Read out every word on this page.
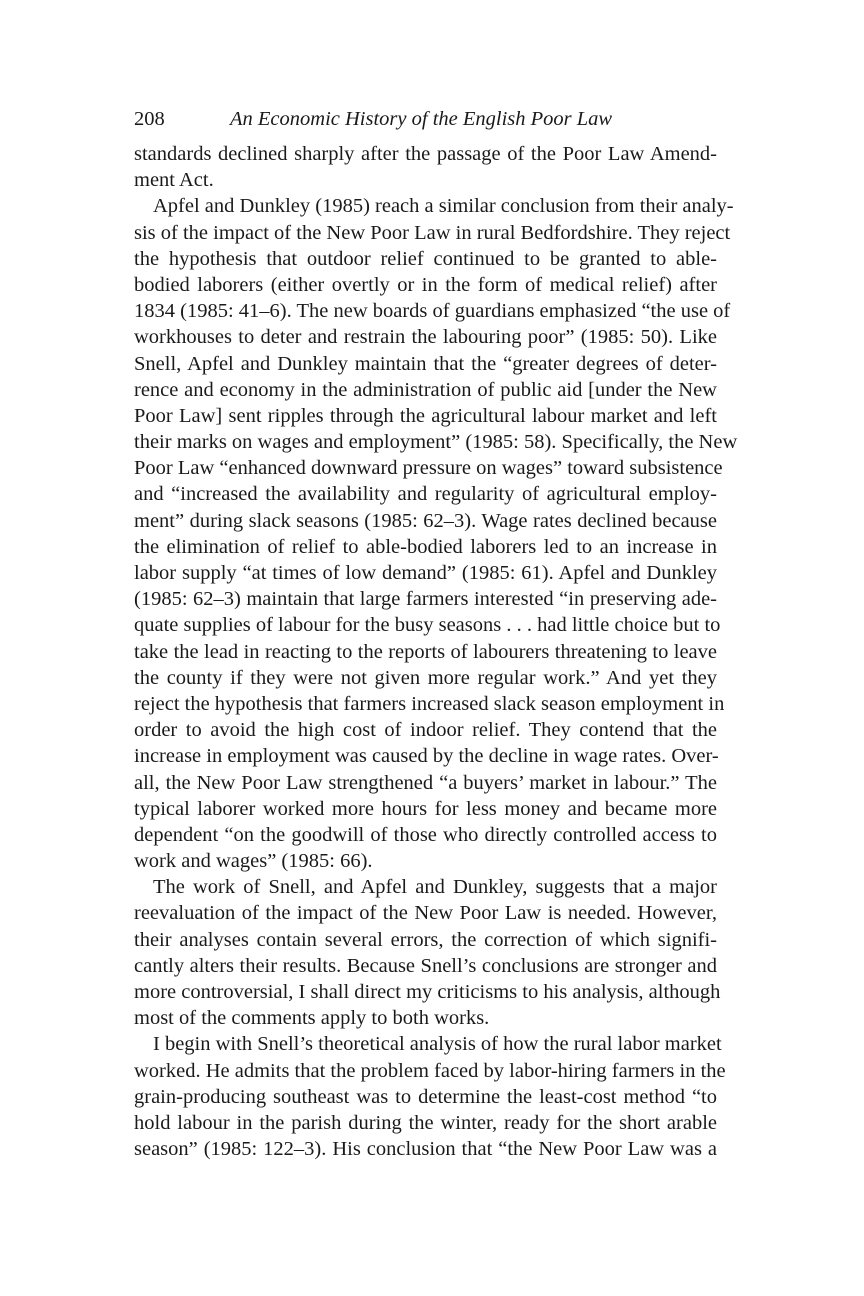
208	An Economic History of the English Poor Law
standards declined sharply after the passage of the Poor Law Amend-
ment Act.
Apfel and Dunkley (1985) reach a similar conclusion from their analy-
sis of the impact of the New Poor Law in rural Bedfordshire. They reject
the hypothesis that outdoor relief continued to be granted to able-
bodied laborers (either overtly or in the form of medical relief) after
1834 (1985: 41–6). The new boards of guardians emphasized “the use of
workhouses to deter and restrain the labouring poor” (1985: 50). Like
Snell, Apfel and Dunkley maintain that the “greater degrees of deter-
rence and economy in the administration of public aid [under the New
Poor Law] sent ripples through the agricultural labour market and left
their marks on wages and employment” (1985: 58). Specifically, the New
Poor Law “enhanced downward pressure on wages” toward subsistence
and “increased the availability and regularity of agricultural employ-
ment” during slack seasons (1985: 62–3). Wage rates declined because
the elimination of relief to able-bodied laborers led to an increase in
labor supply “at times of low demand” (1985: 61). Apfel and Dunkley
(1985: 62–3) maintain that large farmers interested “in preserving ade-
quate supplies of labour for the busy seasons . . . had little choice but to
take the lead in reacting to the reports of labourers threatening to leave
the county if they were not given more regular work.” And yet they
reject the hypothesis that farmers increased slack season employment in
order to avoid the high cost of indoor relief. They contend that the
increase in employment was caused by the decline in wage rates. Over-
all, the New Poor Law strengthened “a buyers’ market in labour.” The
typical laborer worked more hours for less money and became more
dependent “on the goodwill of those who directly controlled access to
work and wages” (1985: 66).
The work of Snell, and Apfel and Dunkley, suggests that a major
reevaluation of the impact of the New Poor Law is needed. However,
their analyses contain several errors, the correction of which signifi-
cantly alters their results. Because Snell’s conclusions are stronger and
more controversial, I shall direct my criticisms to his analysis, although
most of the comments apply to both works.
I begin with Snell’s theoretical analysis of how the rural labor market
worked. He admits that the problem faced by labor-hiring farmers in the
grain-producing southeast was to determine the least-cost method “to
hold labour in the parish during the winter, ready for the short arable
season” (1985: 122–3). His conclusion that “the New Poor Law was a
